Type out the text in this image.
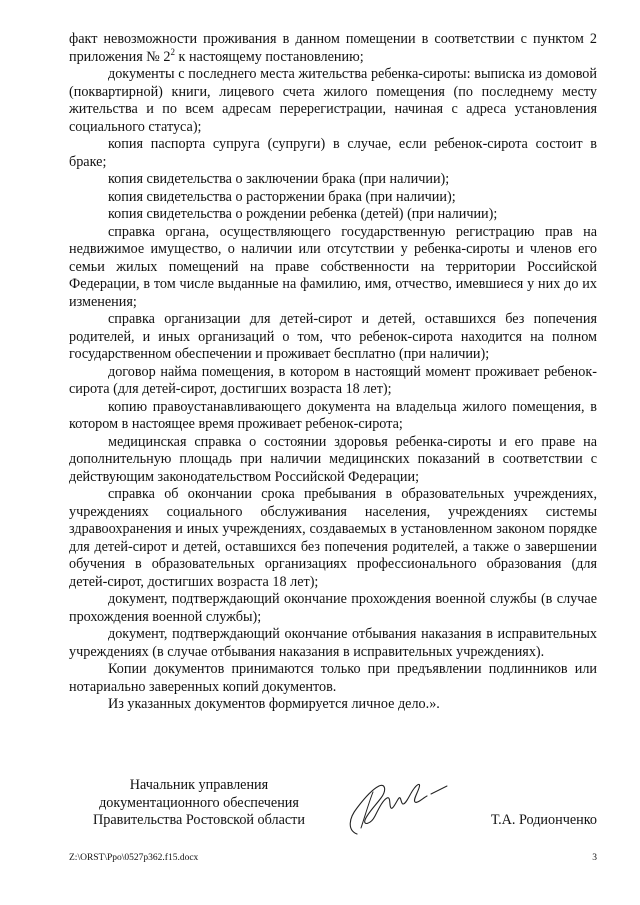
факт невозможности проживания в данном помещении в соответствии с пунктом 2 приложения № $2^2$ к настоящему постановлению;

документы с последнего места жительства ребенка-сироты: выписка из домовой (поквартирной) книги, лицевого счета жилого помещения (по последнему месту жительства и по всем адресам перерегистрации, начиная с адреса установления социального статуса);

копия паспорта супруга (супруги) в случае, если ребенок-сирота состоит в браке;

копия свидетельства о заключении брака (при наличии);

копия свидетельства о расторжении брака (при наличии);

копия свидетельства о рождении ребенка (детей) (при наличии);

справка органа, осуществляющего государственную регистрацию прав на недвижимое имущество, о наличии или отсутствии у ребенка-сироты и членов его семьи жилых помещений на праве собственности на территории Российской Федерации, в том числе выданные на фамилию, имя, отчество, имевшиеся у них до их изменения;

справка организации для детей-сирот и детей, оставшихся без попечения родителей, и иных организаций о том, что ребенок-сирота находится на полном государственном обеспечении и проживает бесплатно (при наличии);

договор найма помещения, в котором в настоящий момент проживает ребенок-сирота (для детей-сирот, достигших возраста 18 лет);

копию правоустанавливающего документа на владельца жилого помещения, в котором в настоящее время проживает ребенок-сирота;

медицинская справка о состоянии здоровья ребенка-сироты и его праве на дополнительную площадь при наличии медицинских показаний в соответствии с действующим законодательством Российской Федерации;

справка об окончании срока пребывания в образовательных учреждениях, учреждениях социального обслуживания населения, учреждениях системы здравоохранения и иных учреждениях, создаваемых в установленном законом порядке для детей-сирот и детей, оставшихся без попечения родителей, а также о завершении обучения в образовательных организациях профессионального образования (для детей-сирот, достигших возраста 18 лет);

документ, подтверждающий окончание прохождения военной службы (в случае прохождения военной службы);

документ, подтверждающий окончание отбывания наказания в исправительных учреждениях (в случае отбывания наказания в исправительных учреждениях).

Копии документов принимаются только при предъявлении подлинников или нотариально заверенных копий документов.

Из указанных документов формируется личное дело.».

Начальник управления
документационного обеспечения
Правительства Ростовской области	Т.А. Родионченко
Z:\ORST\Ppo\0527p362.f15.docx	3
